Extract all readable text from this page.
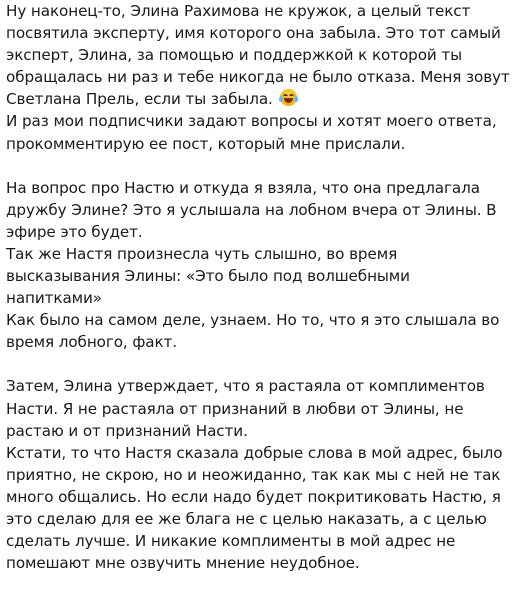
Ну наконец-то, Элина Рахимова не кружок, а целый текст
посвятила эксперту, имя которого она забыла. Это тот самый
эксперт, Элина, за помощью и поддержкой к которой ты
обращалась ни раз и тебе никогда не было отказа. Меня зовут
Светлана Прель, если ты забыла.
И раз мои подписчики задают вопросы и хотят моего ответа,
прокомментирую ее пост, который мне прислали.
На вопрос про Настю и откуда я взяла, что она предлагала
дружбу Элине? Это я услышала на лобном вчера от Элины. В
эфире это будет.
Так же Настя произнесла чуть слышно, во время
высказывания Элины: «Это было под волшебными
напитками»
Как было на самом деле, узнаем. Но то, что я это слышала во
время лобного, факт.
Затем, Элина утверждает, что я растаяла от комплиментов
Насти. Я не растаяла от признаний в любви от Элины, не
растаю и от признаний Насти.
Кстати, то что Настя сказала добрые слова в мой адрес, было
приятно, не скрою, но и неожиданно, так как мы с ней не так
много общались. Но если надо будет покритиковать Настю, я
это сделаю для ее же блага не с целью наказать, а с целью
сделать лучше. И никакие комплименты в мой адрес не
помешают мне озвучить мнение неудобное.
